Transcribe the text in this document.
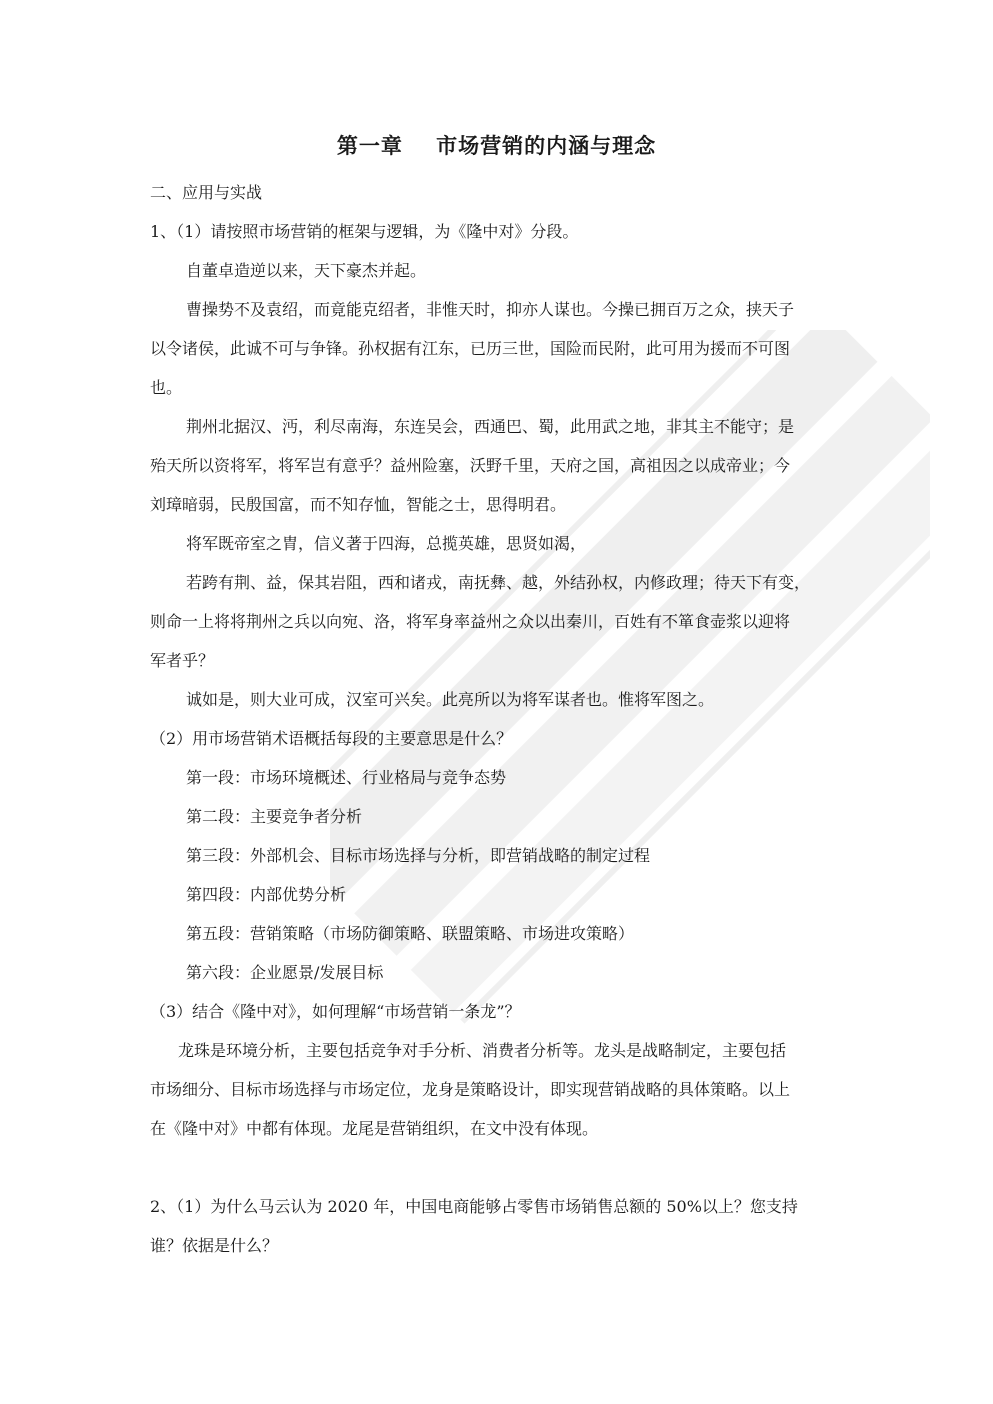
第一章    市场营销的内涵与理念
二、应用与实战
1、（1）请按照市场营销的框架与逻辑，为《隆中对》分段。
自董卓造逆以来，天下豪杰并起。
曹操势不及袁绍，而竟能克绍者，非惟天时，抑亦人谋也。今操已拥百万之众，挟天子
以令诸侯，此诚不可与争锋。孙权据有江东，已历三世，国险而民附，此可用为援而不可图
也。
荆州北据汉、沔，利尽南海，东连吴会，西通巴、蜀，此用武之地，非其主不能守；是
殆天所以资将军，将军岂有意乎？益州险塞，沃野千里，天府之国，高祖因之以成帝业；今
刘璋暗弱，民殷国富，而不知存恤，智能之士，思得明君。
将军既帝室之胄，信义著于四海，总揽英雄，思贤如渴，
若跨有荆、益，保其岩阻，西和诸戎，南抚彝、越，外结孙权，内修政理；待天下有变，
则命一上将将荆州之兵以向宛、洛，将军身率益州之众以出秦川，百姓有不箪食壶浆以迎将
军者乎？
诚如是，则大业可成，汉室可兴矣。此亮所以为将军谋者也。惟将军图之。
（2）用市场营销术语概括每段的主要意思是什么？
第一段：市场环境概述、行业格局与竞争态势
第二段：主要竞争者分析
第三段：外部机会、目标市场选择与分析，即营销战略的制定过程
第四段：内部优势分析
第五段：营销策略（市场防御策略、联盟策略、市场进攻策略）
第六段：企业愿景/发展目标
（3）结合《隆中对》，如何理解“市场营销一条龙”？
龙珠是环境分析，主要包括竞争对手分析、消费者分析等。龙头是战略制定，主要包括
市场细分、目标市场选择与市场定位，龙身是策略设计，即实现营销战略的具体策略。以上
在《隆中对》中都有体现。龙尾是营销组织，在文中没有体现。
2、（1）为什么马云认为 2020 年，中国电商能够占零售市场销售总额的 50%以上？您支持
谁？依据是什么？
